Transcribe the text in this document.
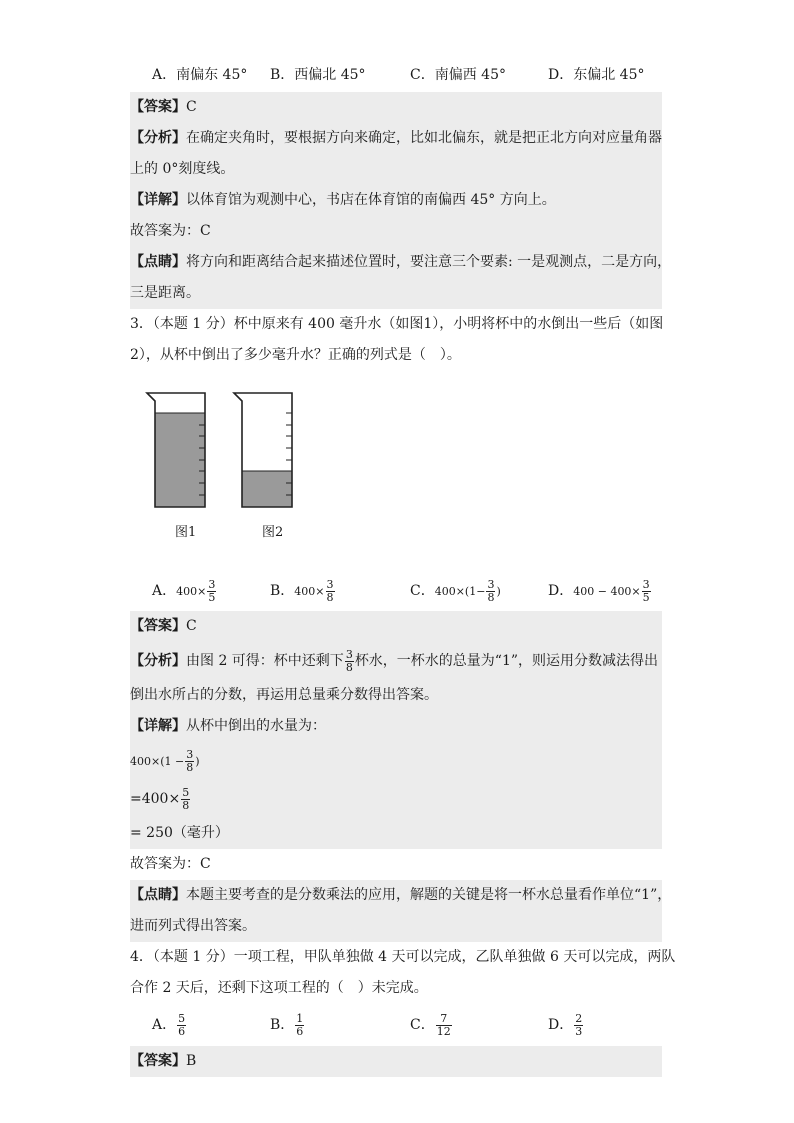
A．南偏东 45° B．西偏北 45°	C．南偏西 45°	D．东偏北 45°
【答案】C
【分析】在确定夹角时，要根据方向来确定，比如北偏东，就是把正北方向对应量角器
上的 0°刻度线。
【详解】以体育馆为观测中心，书店在体育馆的南偏西 45° 方向上。
故答案为：C
【点睛】将方向和距离结合起来描述位置时，要注意三个要素: 一是观测点，二是方向，
三是距离。
3．（本题 1 分）杯中原来有 400 毫升水（如图1），小明将杯中的水倒出一些后（如图
2），从杯中倒出了多少毫升水？正确的列式是（　）。
图1	图2
A．$400\times \frac{3}{5}$	B．$400\times \frac{3}{8}$	C．$400\times(1- \frac{3}{8}$ )	D．$400 - 400\times \frac{3}{5}$
【答案】C
【分析】由图 2 可得：杯中还剩下 $\frac{3}{8}$ 杯水，一杯水的总量为“1”，则运用分数减法得出
倒出水所占的分数，再运用总量乘分数得出答案。
【详解】从杯中倒出的水量为：
$400\times(1 - \frac{3}{8}$ )
$=400\times \frac{5}{8}$
= 250（毫升）
故答案为：C
【点睛】本题主要考查的是分数乘法的应用，解题的关键是将一杯水总量看作单位“1”，
进而列式得出答案。
4．（本题 1 分）一项工程，甲队单独做 4 天可以完成，乙队单独做 6 天可以完成，两队
合作 2 天后，还剩下这项工程的（　）未完成。
A． $\frac{5}{6}$	B． $\frac{1}{6}$	C． $\frac{7}{12}$	D． $\frac{2}{3}$
【答案】B
